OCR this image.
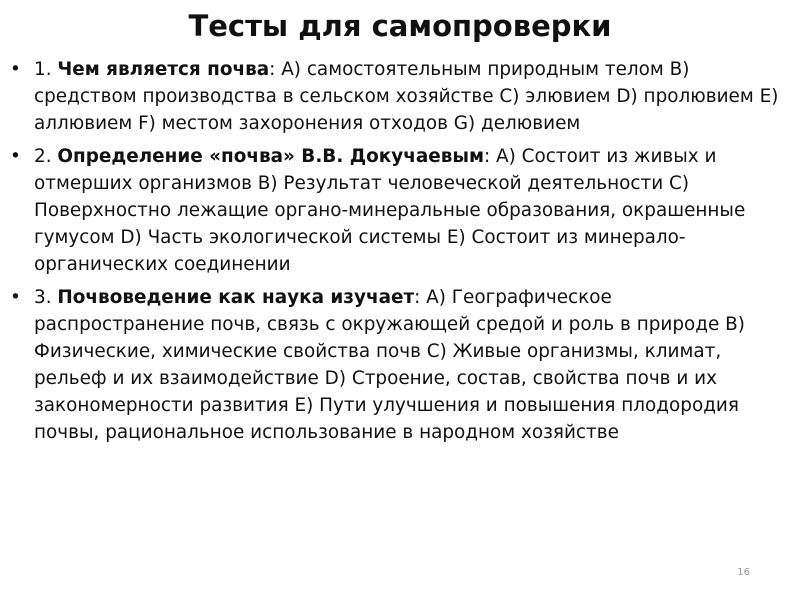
Тесты для самопроверки
• 1. Чем является почва: A) самостоятельным природным телом B) средством производства в сельском хозяйстве C) элювием D) пролювием E) аллювием F) местом захоронения отходов G) делювием
• 2. Определение «почва» В.В. Докучаевым: A) Состоит из живых и отмерших организмов B) Результат человеческой деятельности C) Поверхностно лежащие органо-минеральные образования, окрашенные гумусом D) Часть экологической системы E) Состоит из минерало-органических соединении
• 3. Почвоведение как наука изучает: A) Географическое распространение почв, связь с окружающей средой и роль в природе B) Физические, химические свойства почв C) Живые организмы, климат, рельеф и их взаимодействие D) Строение, состав, свойства почв и их закономерности развития E) Пути улучшения и повышения плодородия почвы, рациональное использование в народном хозяйстве
16
